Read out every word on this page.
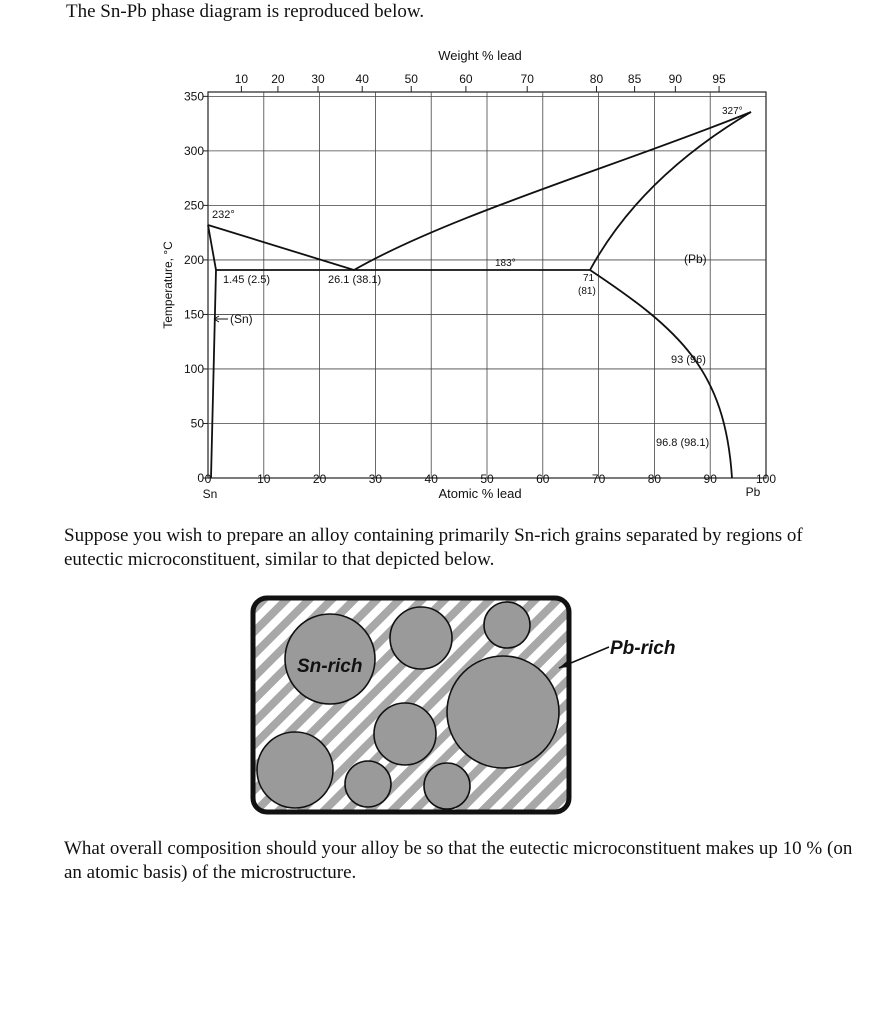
The Sn-Pb phase diagram is reproduced below.
10 20 30	40	50	60	70	80 85 90	95
0	10	20	30	40	50	60	70	80	90	100
0
50
100
150
200
250
300
350
Weight % lead
Atomic % lead
Temperature, °C
Sn	Pb
232°
327°
183°
1.45 (2.5)	26.1 (38.1)	71
(81)
(Sn)
(Pb)
93 (96)
96.8 (98.1)
Suppose you wish to prepare an alloy containing primarily Sn-rich grains separated by regions of eutectic microconstituent, similar to that depicted below.
Sn-rich
Pb-rich
What overall composition should your alloy be so that the eutectic microconstituent makes up 10 % (on an atomic basis) of the microstructure.
